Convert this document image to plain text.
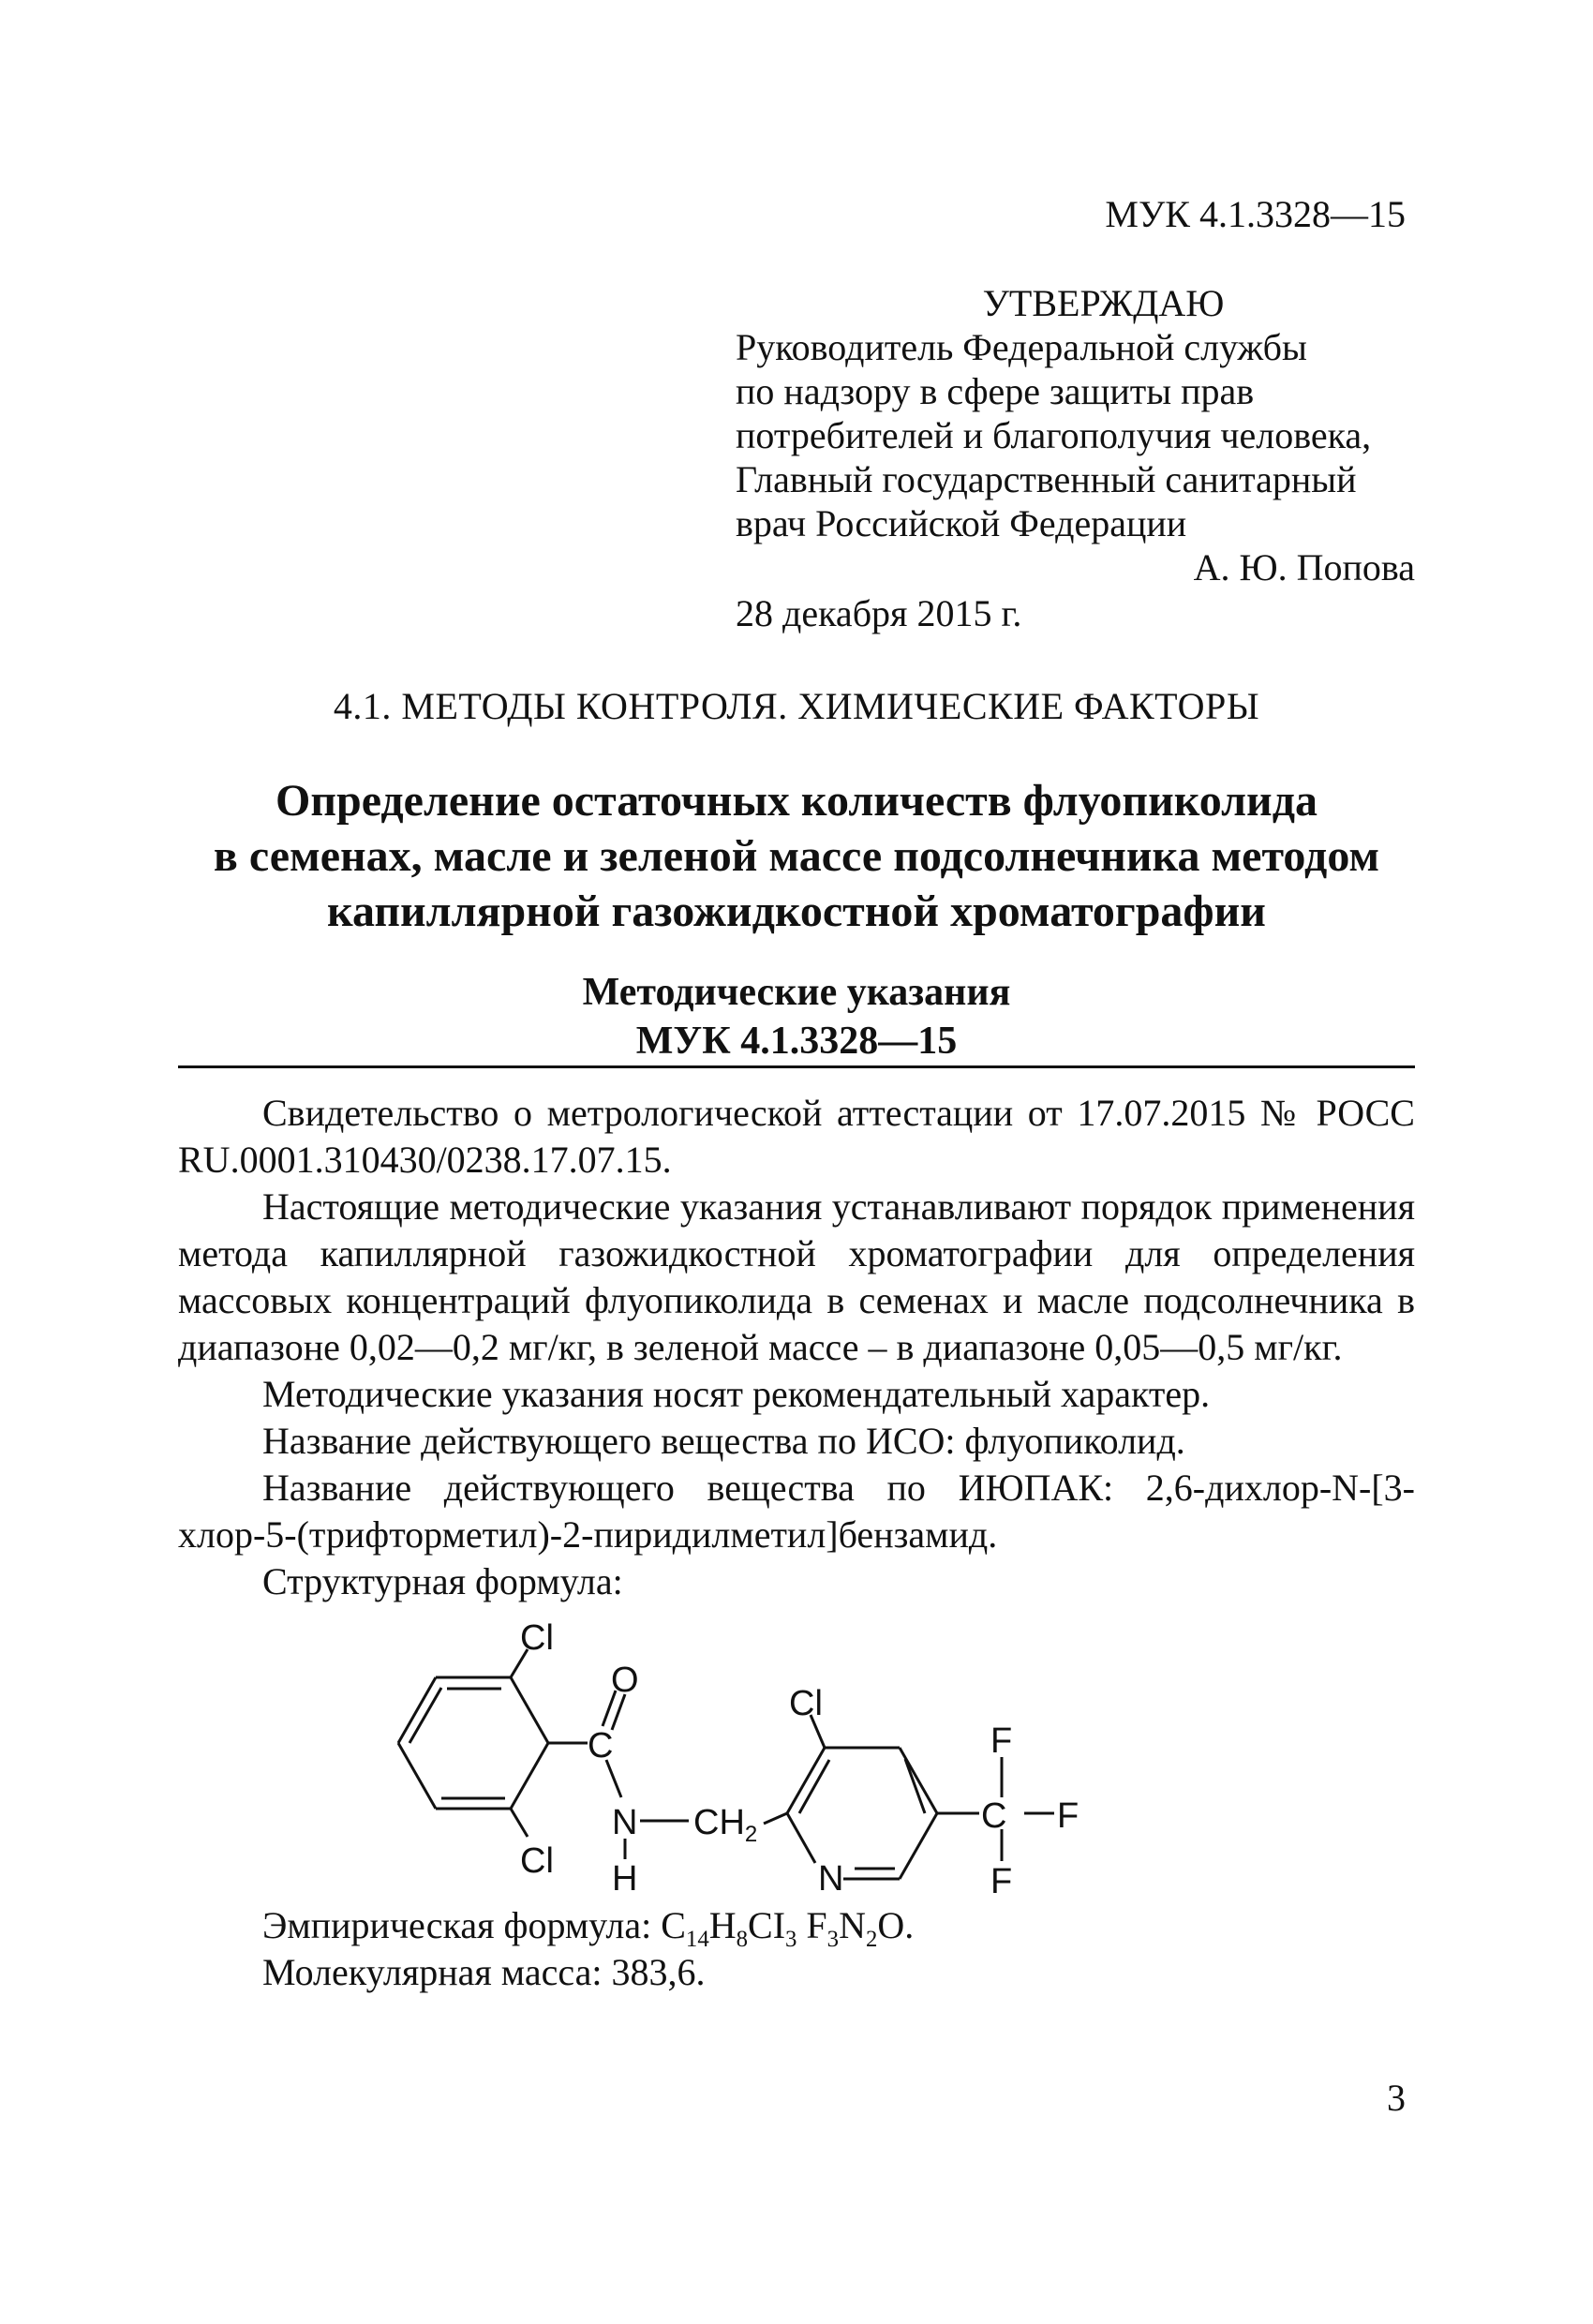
МУК 4.1.3328—15
УТВЕРЖДАЮ
Руководитель Федеральной службы
по надзору в сфере защиты прав
потребителей и благополучия человека,
Главный государственный санитарный
врач Российской Федерации
А. Ю. Попова
28 декабря 2015 г.
4.1. МЕТОДЫ КОНТРОЛЯ. ХИМИЧЕСКИЕ ФАКТОРЫ
Определение остаточных количеств флуопиколида
в семенах, масле и зеленой массе подсолнечника методом
капиллярной газожидкостной хроматографии
Методические указания
МУК 4.1.3328—15

Свидетельство о метрологической аттестации от 17.07.2015 № РОСС RU.0001.310430/0238.17.07.15.

Настоящие методические указания устанавливают порядок применения метода капиллярной газожидкостной хроматографии для определения массовых концентраций флуопиколида в семенах и масле подсолнечника в диапазоне 0,02—0,2 мг/кг, в зеленой массе – в диапазоне 0,05—0,5 мг/кг.

Методические указания носят рекомендательный характер.

Название действующего вещества по ИСО: флуопиколид.

Название действующего вещества по ИЮПАК: 2,6-дихлор-N-[3-хлор-5-(трифторметил)-2-пиридилметил]бензамид.

Структурная формула:

Cl
Cl
O
C
N $CH_2$
H
Cl
N
C
F
F
F

Эмпирическая формула: $C_{14}H_8CI_3$ $F_3N_2O$.

Молекулярная масса: 383,6.

3
